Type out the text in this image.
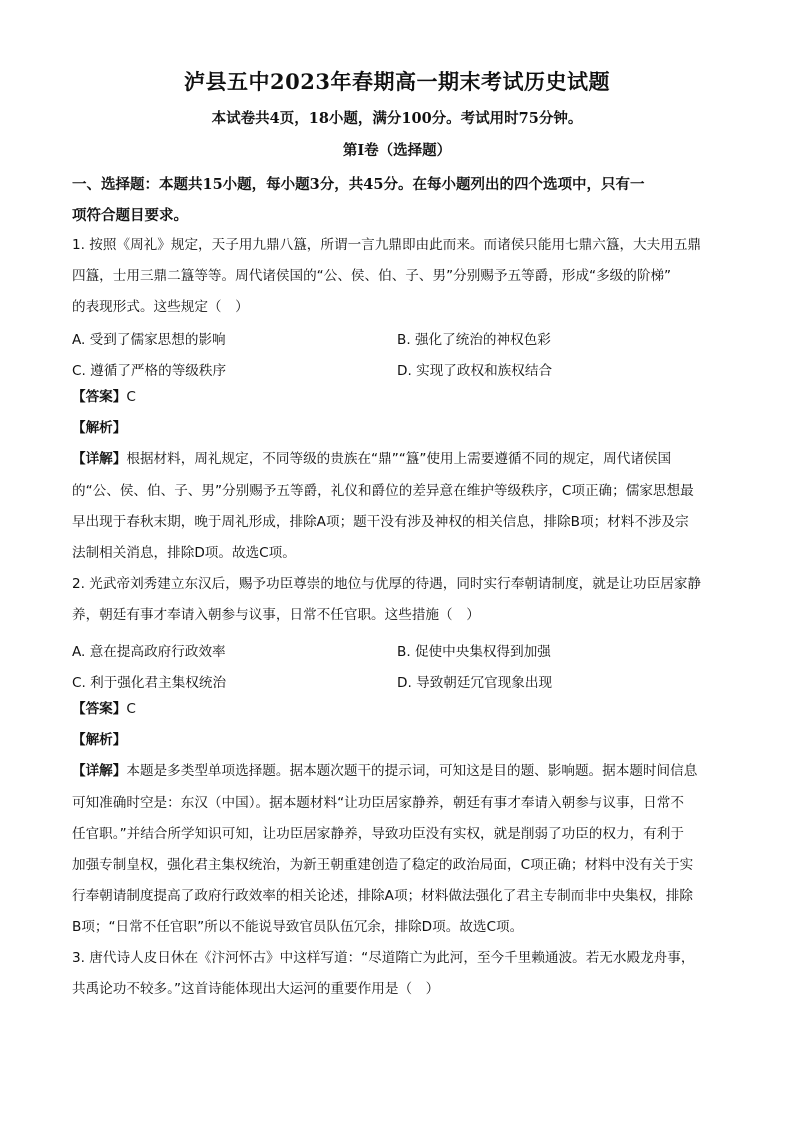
泸县五中2023年春期高一期末考试历史试题
本试卷共4页，18小题，满分100分。考试用时75分钟。
第I卷（选择题）
一、选择题：本题共15小题，每小题3分，共45分。在每小题列出的四个选项中，只有一
项符合题目要求。
1. 按照《周礼》规定，天子用九鼎八簋，所谓一言九鼎即由此而来。而诸侯只能用七鼎六簋，大夫用五鼎
四簋，士用三鼎二簋等等。周代诸侯国的“公、侯、伯、子、男”分别赐予五等爵，形成“多级的阶梯”
的表现形式。这些规定（　）
A. 受到了儒家思想的影响	B. 强化了统治的神权色彩
C. 遵循了严格的等级秩序	D. 实现了政权和族权结合
【答案】C
【解析】
【详解】根据材料，周礼规定，不同等级的贵族在“鼎”“簋”使用上需要遵循不同的规定，周代诸侯国
的“公、侯、伯、子、男”分别赐予五等爵，礼仪和爵位的差异意在维护等级秩序，C项正确；儒家思想最
早出现于春秋末期，晚于周礼形成，排除A项；题干没有涉及神权的相关信息，排除B项；材料不涉及宗
法制相关消息，排除D项。故选C项。
2. 光武帝刘秀建立东汉后，赐予功臣尊崇的地位与优厚的待遇，同时实行奉朝请制度，就是让功臣居家静
养，朝廷有事才奉请入朝参与议事，日常不任官职。这些措施（　）
A. 意在提高政府行政效率	B. 促使中央集权得到加强
C. 利于强化君主集权统治	D. 导致朝廷冗官现象出现
【答案】C
【解析】
【详解】本题是多类型单项选择题。据本题次题干的提示词，可知这是目的题、影响题。据本题时间信息
可知准确时空是：东汉（中国）。据本题材料“让功臣居家静养，朝廷有事才奉请入朝参与议事，日常不
任官职。”并结合所学知识可知，让功臣居家静养，导致功臣没有实权，就是削弱了功臣的权力，有利于
加强专制皇权，强化君主集权统治，为新王朝重建创造了稳定的政治局面，C项正确；材料中没有关于实
行奉朝请制度提高了政府行政效率的相关论述，排除A项；材料做法强化了君主专制而非中央集权，排除
B项；“日常不任官职”所以不能说导致官员队伍冗余，排除D项。故选C项。
3. 唐代诗人皮日休在《汴河怀古》中这样写道：“尽道隋亡为此河，至今千里赖通波。若无水殿龙舟事，
共禹论功不较多。”这首诗能体现出大运河的重要作用是（　）
